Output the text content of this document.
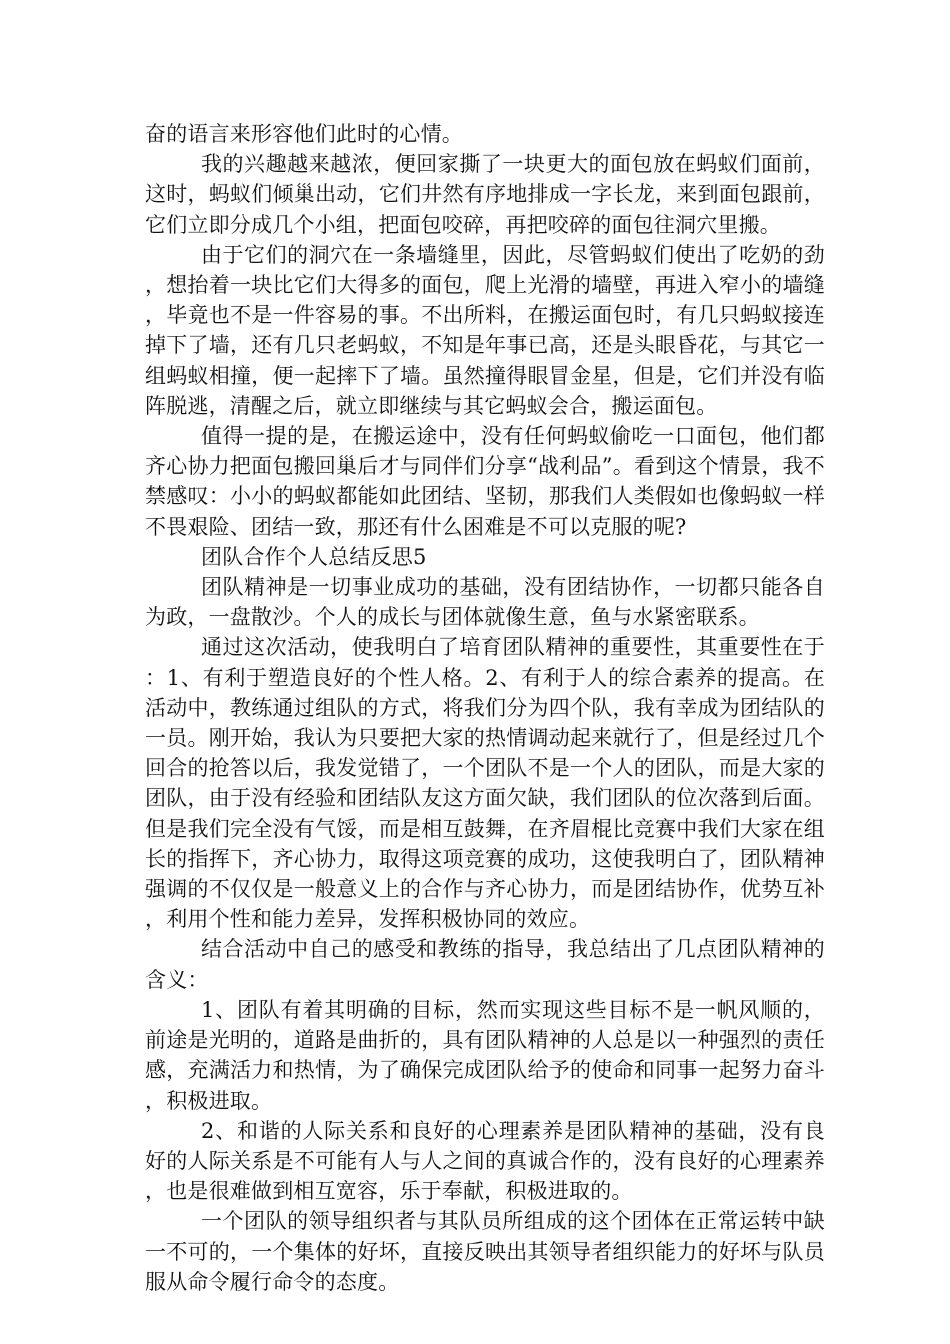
奋的语言来形容他们此时的心情。

我的兴趣越来越浓，便回家撕了一块更大的面包放在蚂蚁们面前，这时，蚂蚁们倾巢出动，它们井然有序地排成一字长龙，来到面包跟前，它们立即分成几个小组，把面包咬碎，再把咬碎的面包往洞穴里搬。

由于它们的洞穴在一条墙缝里，因此，尽管蚂蚁们使出了吃奶的劲，想抬着一块比它们大得多的面包，爬上光滑的墙壁，再进入窄小的墙缝，毕竟也不是一件容易的事。不出所料，在搬运面包时，有几只蚂蚁接连掉下了墙，还有几只老蚂蚁，不知是年事已高，还是头眼昏花，与其它一组蚂蚁相撞，便一起摔下了墙。虽然撞得眼冒金星，但是，它们并没有临阵脱逃，清醒之后，就立即继续与其它蚂蚁会合，搬运面包。

值得一提的是，在搬运途中，没有任何蚂蚁偷吃一口面包，他们都齐心协力把面包搬回巢后才与同伴们分享“战利品”。看到这个情景，我不禁感叹：小小的蚂蚁都能如此团结、坚韧，那我们人类假如也像蚂蚁一样不畏艰险、团结一致，那还有什么困难是不可以克服的呢?

团队合作个人总结反思5

团队精神是一切事业成功的基础，没有团结协作，一切都只能各自为政，一盘散沙。个人的成长与团体就像生意，鱼与水紧密联系。

通过这次活动，使我明白了培育团队精神的重要性，其重要性在于：1、有利于塑造良好的个性人格。2、有利于人的综合素养的提高。在活动中，教练通过组队的方式，将我们分为四个队，我有幸成为团结队的一员。刚开始，我认为只要把大家的热情调动起来就行了，但是经过几个回合的抢答以后，我发觉错了，一个团队不是一个人的团队，而是大家的团队，由于没有经验和团结队友这方面欠缺，我们团队的位次落到后面。但是我们完全没有气馁，而是相互鼓舞，在齐眉棍比竞赛中我们大家在组长的指挥下，齐心协力，取得这项竞赛的成功，这使我明白了，团队精神强调的不仅仅是一般意义上的合作与齐心协力，而是团结协作，优势互补，利用个性和能力差异，发挥积极协同的效应。

结合活动中自己的感受和教练的指导，我总结出了几点团队精神的含义：

1、团队有着其明确的目标，然而实现这些目标不是一帆风顺的，前途是光明的，道路是曲折的，具有团队精神的人总是以一种强烈的责任感，充满活力和热情，为了确保完成团队给予的使命和同事一起努力奋斗，积极进取。

2、和谐的人际关系和良好的心理素养是团队精神的基础，没有良好的人际关系是不可能有人与人之间的真诚合作的，没有良好的心理素养，也是很难做到相互宽容，乐于奉献，积极进取的。

一个团队的领导组织者与其队员所组成的这个团体在正常运转中缺一不可的，一个集体的好坏，直接反映出其领导者组织能力的好坏与队员服从命令履行命令的态度。
